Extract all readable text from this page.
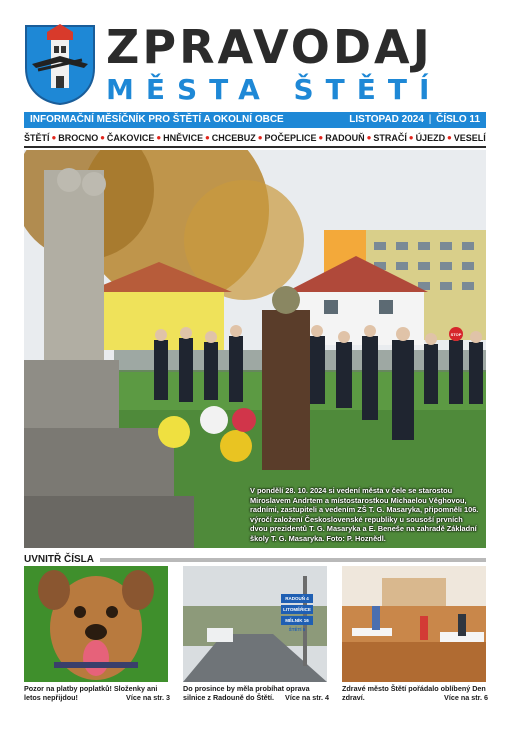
ZPRAVODAJ
MĚSTA ŠTĚTÍ
INFORMAČNÍ MĚSÍČNÍK PRO ŠTĚTÍ A OKOLNÍ OBCE	LISTOPAD 2024 | ČÍSLO 11
ŠTĚTÍ ● BROCNO ● ČAKOVICE ● HNĚVICE ● CHCEBUZ ● POČEPLICE ● RADOUŇ ● STRAČÍ ● ÚJEZD ● VESELÍ
STOP
V pondělí 28. 10. 2024 si vedení města v čele se starostou Miroslavem Andrtem a místostarostkou Michaelou Věghovou, radními, zastupiteli a vedením ZŠ T. G. Masaryka, připomněli 106. výročí založení Československé republiky u sousoší prvních dvou prezidentů T. G. Masaryka a E. Beneše na zahradě Základní školy T. G. Masaryka. Foto: P. Hoznědl.
UVNITŘ ČÍSLA
RADOUŇ 4
LITOMĚŘICE
MĚLNÍK 16
ŠTĚTÍ 5
Pozor na platby poplatků! Složenky ani letos nepřijdou!	Více na str. 3
Do prosince by měla probíhat oprava silnice z Radouně do Štětí. Více na str. 4
Zdravé město Štětí pořádalo oblíbený Den zdraví.	Více na str. 6
